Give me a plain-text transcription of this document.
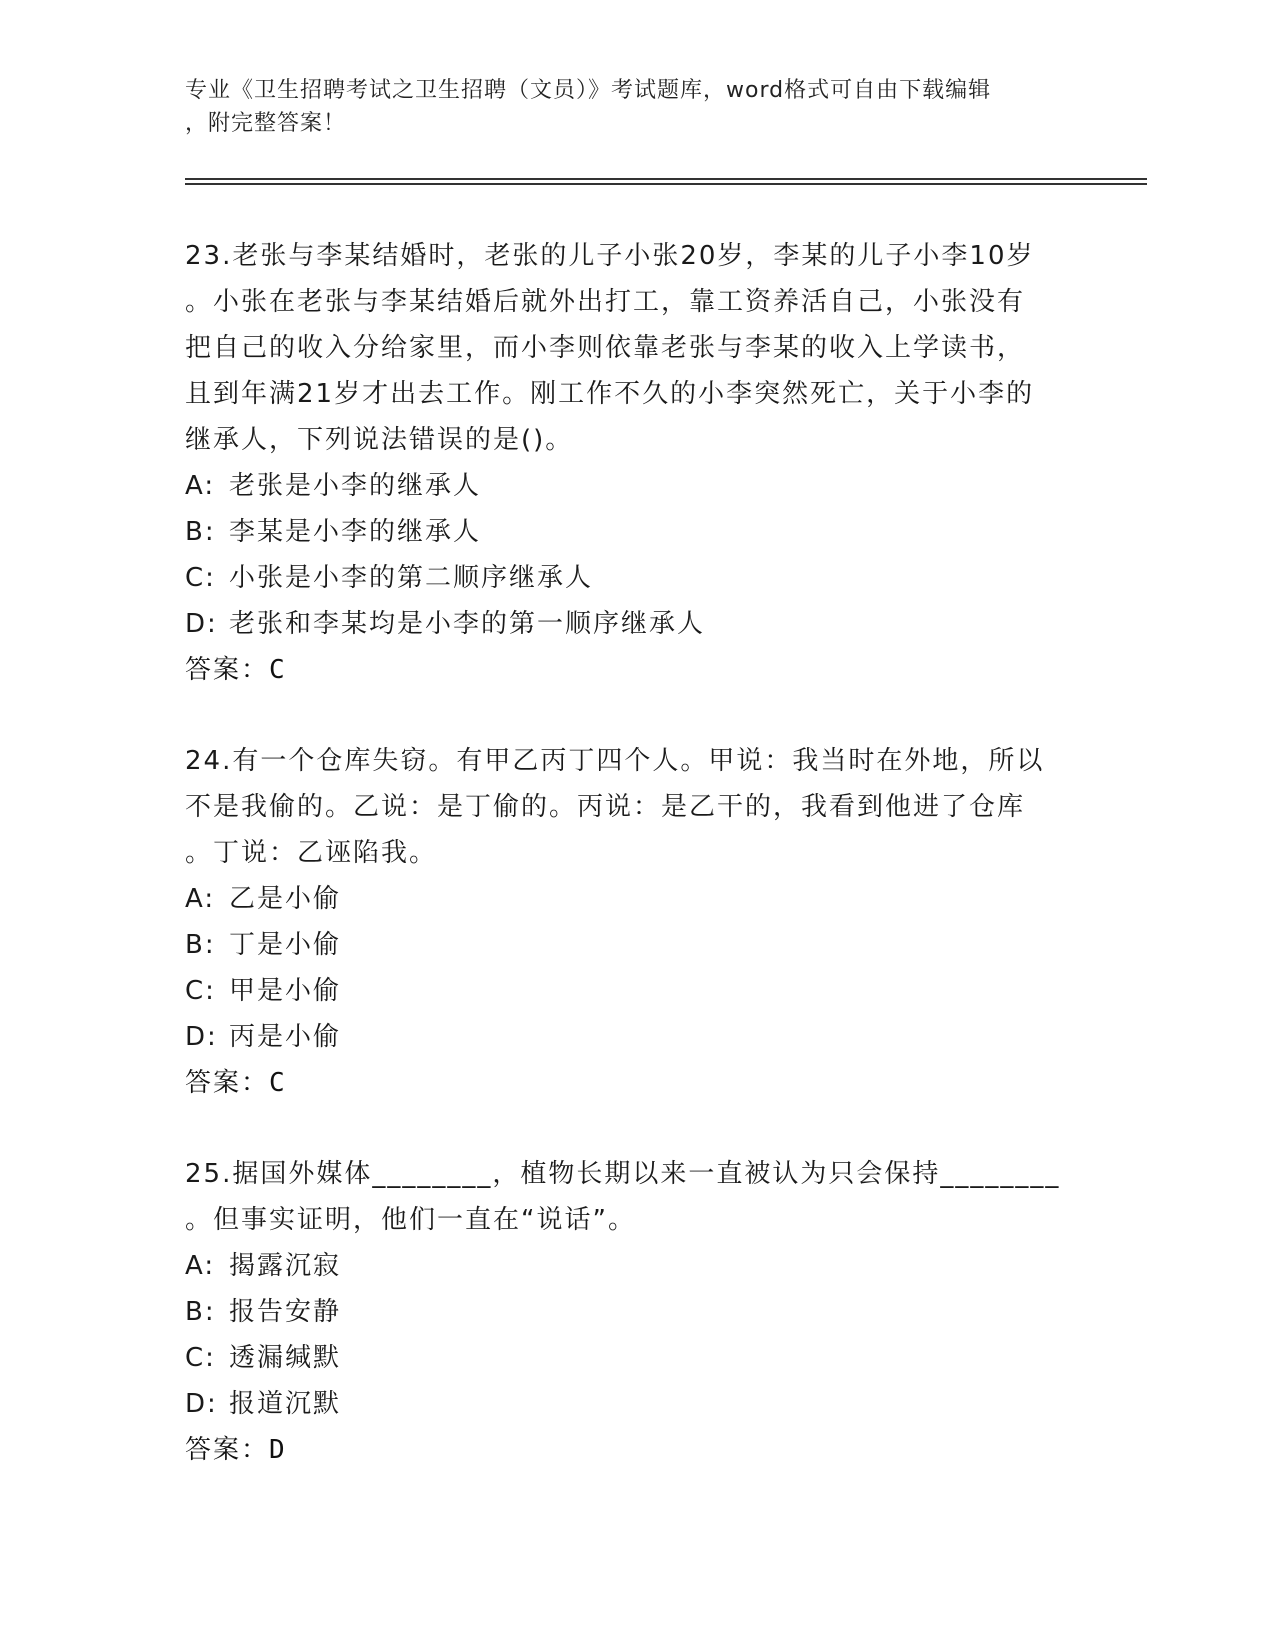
专业《卫生招聘考试之卫生招聘（文员）》考试题库，word格式可自由下载编辑
，附完整答案！
23.老张与李某结婚时，老张的儿子小张20岁，李某的儿子小李10岁
。小张在老张与李某结婚后就外出打工，靠工资养活自己，小张没有
把自己的收入分给家里，而小李则依靠老张与李某的收入上学读书，
且到年满21岁才出去工作。刚工作不久的小李突然死亡，关于小李的
继承人，下列说法错误的是()。
A: 老张是小李的继承人
B: 李某是小李的继承人
C: 小张是小李的第二顺序继承人
D: 老张和李某均是小李的第一顺序继承人
答案：C
24.有一个仓库失窃。有甲乙丙丁四个人。甲说：我当时在外地，所以
不是我偷的。乙说：是丁偷的。丙说：是乙干的，我看到他进了仓库
。丁说：乙诬陷我。
A: 乙是小偷
B: 丁是小偷
C: 甲是小偷
D: 丙是小偷
答案：C
25.据国外媒体________，植物长期以来一直被认为只会保持________
。但事实证明，他们一直在“说话”。
A: 揭露沉寂
B: 报告安静
C: 透漏缄默
D: 报道沉默
答案：D
